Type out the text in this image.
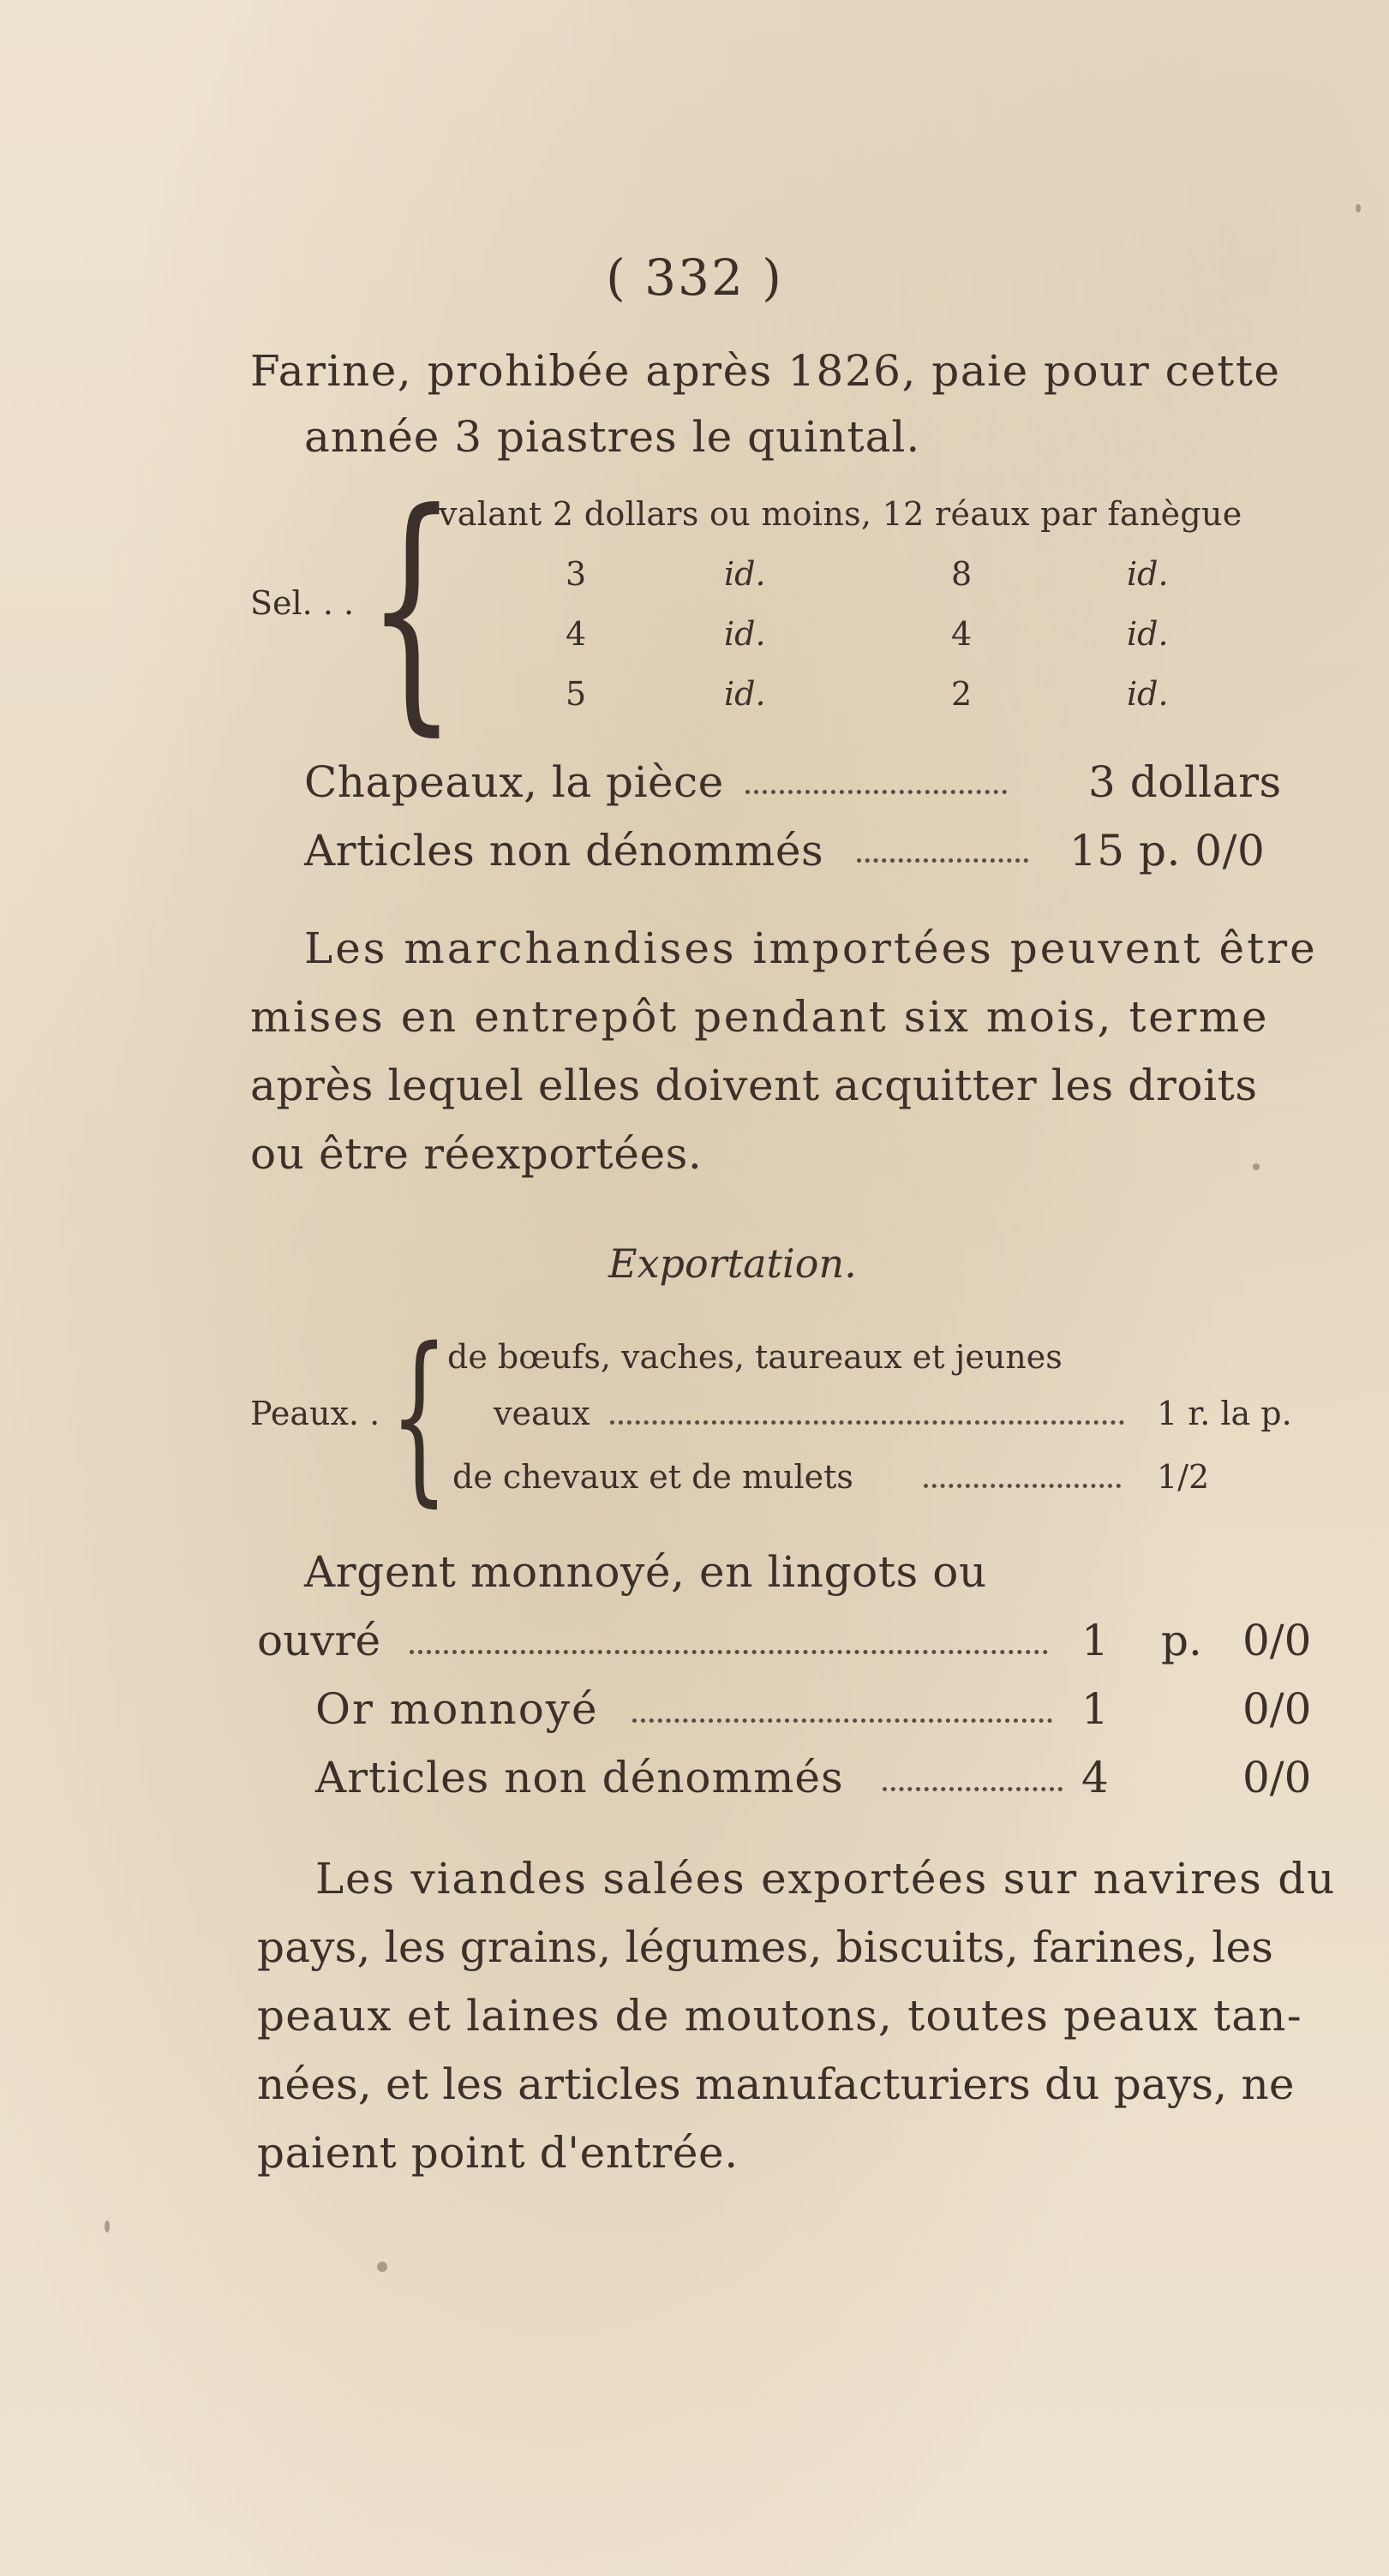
( 332 )
Farine, prohibée après 1826, paie pour cette
année 3 piastres le quintal.
Sel. . . {
valant 2 dollars ou moins, 12 réaux par fanègue
3	id.	8	id.
4	id.	4	id.
5	id.	2	id.
Chapeaux, la pièce	3 dollars
Articles non dénommés	15 p. 0/0
Les marchandises importées peuvent être
mises en entrepôt pendant six mois, terme
après lequel elles doivent acquitter les droits
ou être réexportées.
Exportation.
Peaux. . {
de bœufs, vaches, taureaux et jeunes
veaux	1 r. la p.
de chevaux et de mulets	1/2
Argent monnoyé, en lingots ou
ouvré	1 p. 0/0
Or monnoyé	1	0/0
Articles non dénommés	4	0/0
Les viandes salées exportées sur navires du
pays, les grains, légumes, biscuits, farines, les
peaux et laines de moutons, toutes peaux tan-
nées, et les articles manufacturiers du pays, ne
paient point d'entrée.
